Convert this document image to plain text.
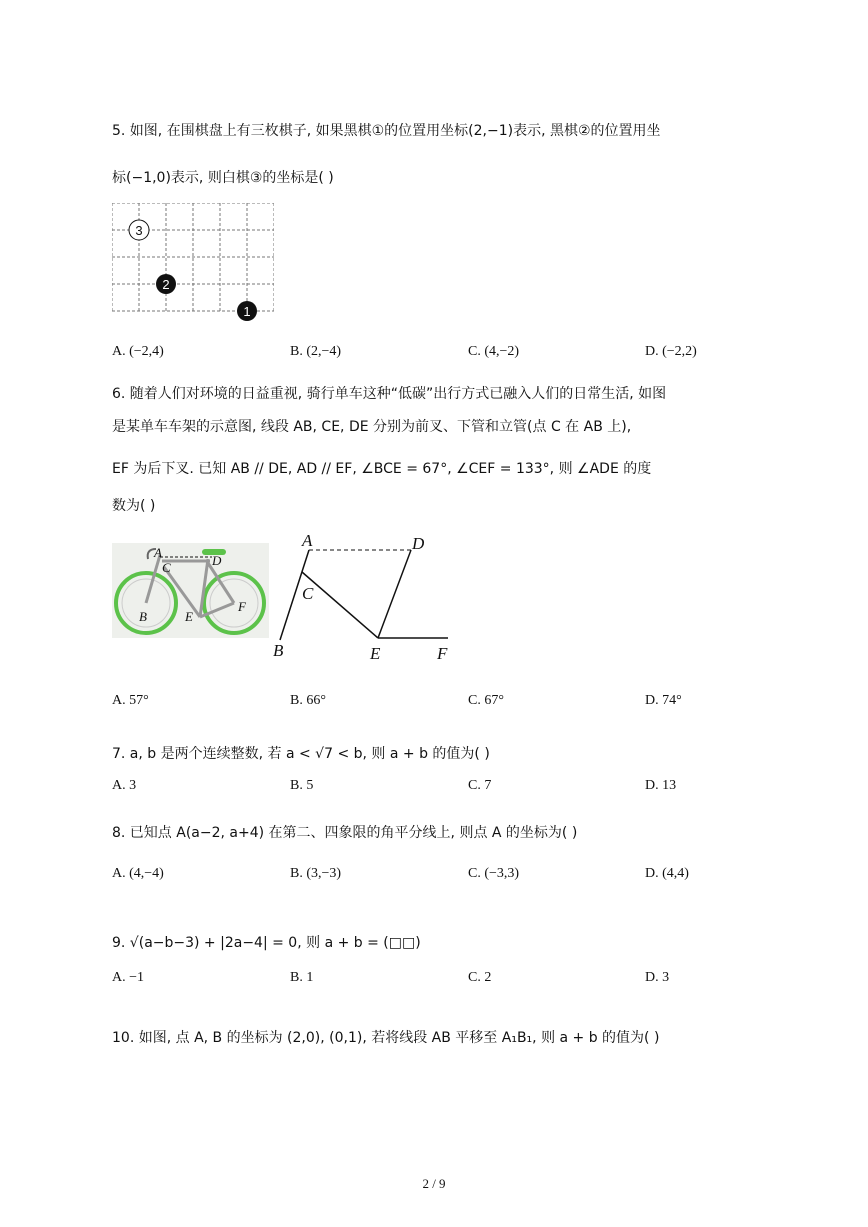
5. 如图, 在围棋盘上有三枚棋子, 如果黑棋①的位置用坐标(2,−1)表示, 黑棋②的位置用坐
标(−1,0)表示, 则白棋③的坐标是( )
3
2
1
A. (−2,4)	B. (2,−4)	C. (4,−2)	D. (−2,2)
6. 随着人们对环境的日益重视, 骑行单车这种“低碳”出行方式已融入人们的日常生活, 如图
是某单车车架的示意图, 线段 AB, CE, DE 分别为前叉、下管和立管(点 C 在 AB 上),
EF 为后下叉. 已知 AB // DE, AD // EF, ∠BCE = 67°, ∠CEF = 133°, 则 ∠ADE 的度
数为( )
A
C	D
B	E
F
A	D
C
B	E	F
A. 57°	B. 66°	C. 67°	D. 74°
7. a, b 是两个连续整数, 若 a < √7 < b, 则 a + b 的值为( )
A. 3	B. 5	C. 7	D. 13
8. 已知点 A(a−2, a+4) 在第二、四象限的角平分线上, 则点 A 的坐标为( )
A. (4,−4)	B. (3,−3)	C. (−3,3)	D. (4,4)
9. √(a−b−3) + |2a−4| = 0, 则 a + b = (□□)
A. −1	B. 1	C. 2	D. 3
10. 如图, 点 A, B 的坐标为 (2,0), (0,1), 若将线段 AB 平移至 A₁B₁, 则 a + b 的值为( )
2 / 9
